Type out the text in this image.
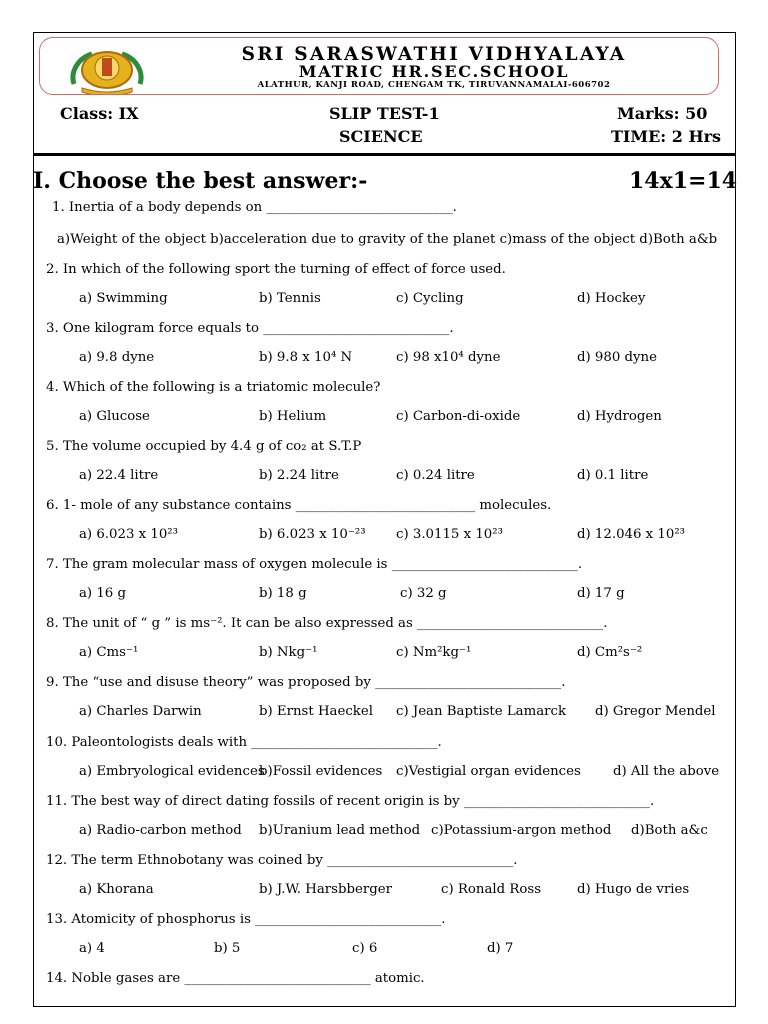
SRI SARASWATHI VIDHYALAYA
MATRIC HR.SEC.SCHOOL
ALATHUR, KANJI ROAD, CHENGAM TK, TIRUVANNAMALAI-606702
Class: IX	SLIP TEST-1
SCIENCE
Marks: 50
TIME: 2 Hrs
I. Choose the best answer:-	14x1=14
1. Inertia of a body depends on ____________________________.
a)Weight of the object b)acceleration due to gravity of the planet c)mass of the object d)Both a&b
2. In which of the following sport the turning of effect of force used.
a) Swimming	b) Tennis	c) Cycling	d) Hockey
3. One kilogram force equals to ____________________________.
a) 9.8 dyne	b) 9.8 x 10⁴ N	c) 98 x10⁴ dyne	d) 980 dyne
4. Which of the following is a triatomic molecule?
a) Glucose	b) Helium	c) Carbon-di-oxide	d) Hydrogen
5. The volume occupied by 4.4 g of co₂ at S.T.P
a) 22.4 litre	b) 2.24 litre	c) 0.24 litre	d) 0.1 litre
6. 1- mole of any substance contains ___________________________ molecules.
a) 6.023 x 10²³	b) 6.023 x 10⁻²³ c) 3.0115 x 10²³	d) 12.046 x 10²³
7. The gram molecular mass of oxygen molecule is ____________________________.
a) 16 g	b) 18 g	c) 32 g	d) 17 g
8. The unit of “ g ” is ms⁻². It can be also expressed as ____________________________.
a) Cms⁻¹	b) Nkg⁻¹	c) Nm²kg⁻¹	d) Cm²s⁻²
9. The “use and disuse theory” was proposed by ____________________________.
a) Charles Darwin	b) Ernst Haeckel c) Jean Baptiste Lamarck d) Gregor Mendel
10. Paleontologists deals with ____________________________.
a) Embryological evidences
b)Fossil evidences c)Vestigial organ evidences d) All the above
11. The best way of direct dating fossils of recent origin is by ____________________________.
a) Radio-carbon method b)Uranium lead method c)Potassium-argon method d)Both a&c
12. The term Ethnobotany was coined by ____________________________.
a) Khorana	b) J.W. Harsbberger	c) Ronald Ross	d) Hugo de vries
13. Atomicity of phosphorus is ____________________________.
a) 4	b) 5	c) 6	d) 7
14. Noble gases are ____________________________ atomic.
